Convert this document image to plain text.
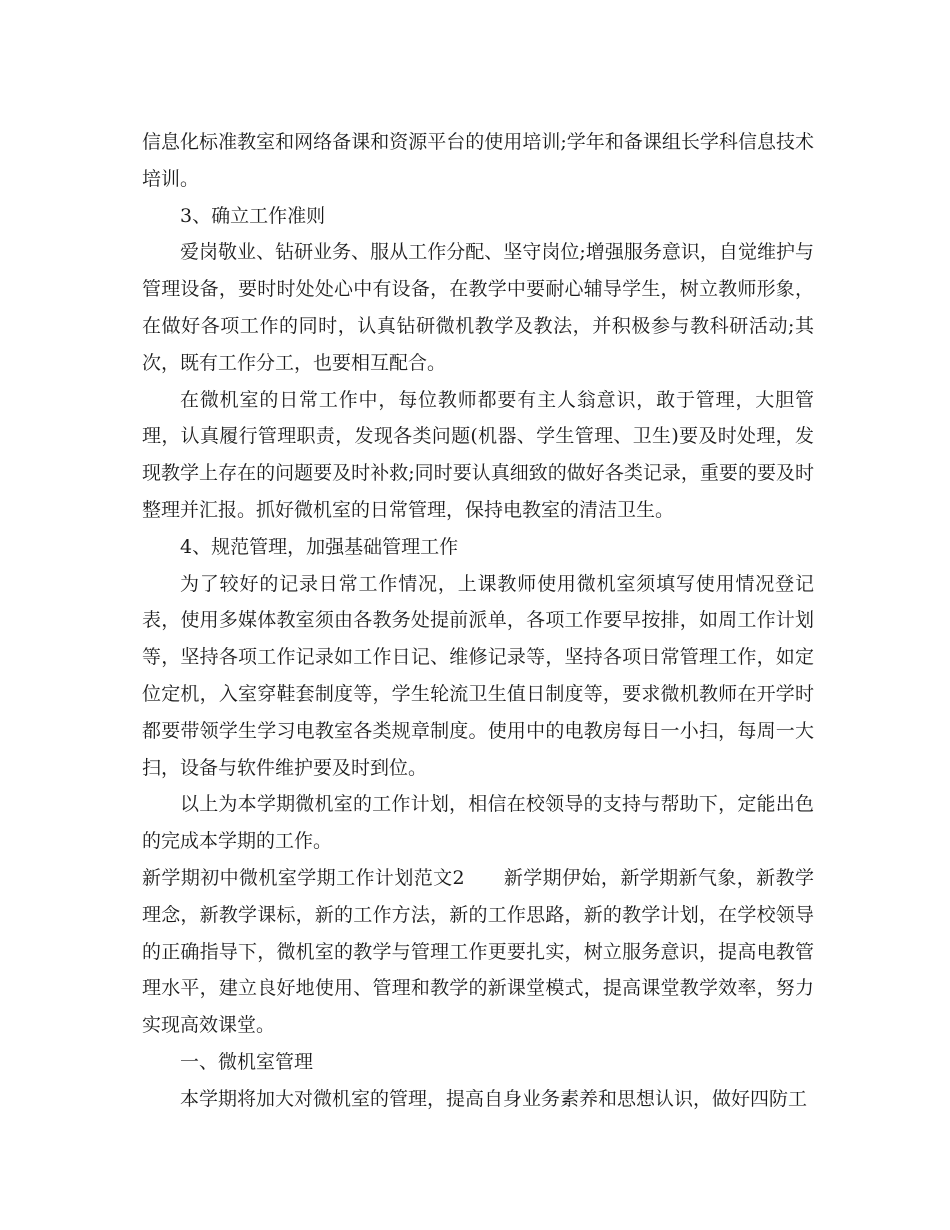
信息化标准教室和网络备课和资源平台的使用培训;学年和备课组长学科信息技术培训。

3、确立工作准则

爱岗敬业、钻研业务、服从工作分配、坚守岗位;增强服务意识，自觉维护与管理设备，要时时处处心中有设备，在教学中要耐心辅导学生，树立教师形象，在做好各项工作的同时，认真钻研微机教学及教法，并积极参与教科研活动;其次，既有工作分工，也要相互配合。

在微机室的日常工作中，每位教师都要有主人翁意识，敢于管理，大胆管理，认真履行管理职责，发现各类问题(机器、学生管理、卫生)要及时处理，发现教学上存在的问题要及时补救;同时要认真细致的做好各类记录，重要的要及时整理并汇报。抓好微机室的日常管理，保持电教室的清洁卫生。

4、规范管理，加强基础管理工作

为了较好的记录日常工作情况，上课教师使用微机室须填写使用情况登记表，使用多媒体教室须由各教务处提前派单，各项工作要早按排，如周工作计划等，坚持各项工作记录如工作日记、维修记录等，坚持各项日常管理工作，如定位定机，入室穿鞋套制度等，学生轮流卫生值日制度等，要求微机教师在开学时都要带领学生学习电教室各类规章制度。使用中的电教房每日一小扫，每周一大扫，设备与软件维护要及时到位。

以上为本学期微机室的工作计划，相信在校领导的支持与帮助下，定能出色的完成本学期的工作。

新学期初中微机室学期工作计划范文2　　新学期伊始，新学期新气象，新教学理念，新教学课标，新的工作方法，新的工作思路，新的教学计划，在学校领导的正确指导下，微机室的教学与管理工作更要扎实，树立服务意识，提高电教管理水平，建立良好地使用、管理和教学的新课堂模式，提高课堂教学效率，努力实现高效课堂。

一、微机室管理

本学期将加大对微机室的管理，提高自身业务素养和思想认识，做好四防工
